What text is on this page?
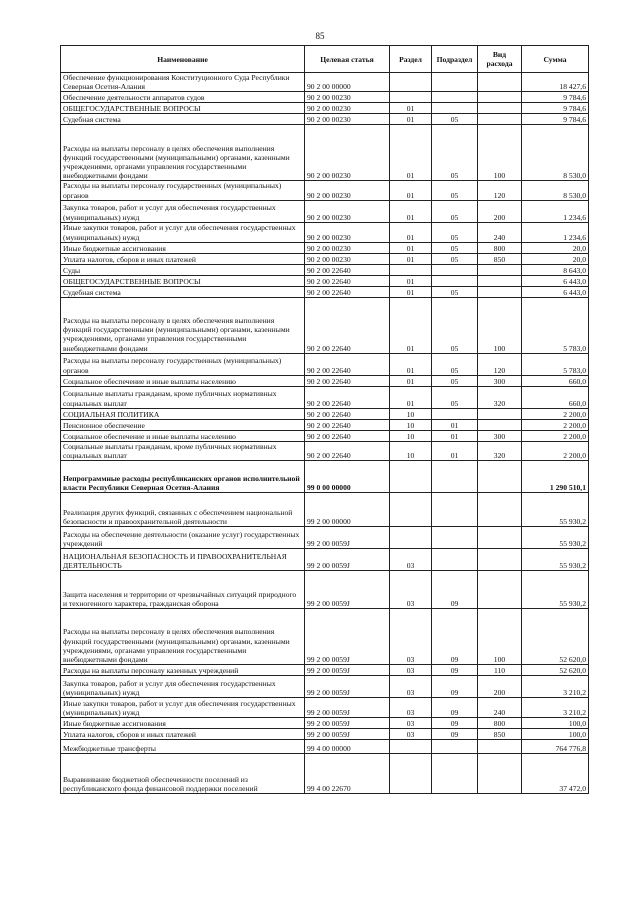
85
Наименование	Целевая статья	Раздел	Подраздел	Вид расхода	Сумма
Обеспечение функционирования Конституционного Суда Республики Северная Осетия-Алания	90 2 00 00000				18 427,6
Обеспечение деятельности аппаратов судов	90 2 00 00230				9 784,6
ОБЩЕГОСУДАРСТВЕННЫЕ ВОПРОСЫ	90 2 00 00230	01			9 784,6
Судебная система	90 2 00 00230	01	05		9 784,6
Расходы на выплаты персоналу в целях обеспечения выполнения функций государственными (муниципальными) органами, казенными учреждениями, органами управления государственными внебюджетными фондами	90 2 00 00230	01	05	100	8 530,0
Расходы на выплаты персоналу государственных (муниципальных) органов	90 2 00 00230	01	05	120	8 530,0
Закупка товаров, работ и услуг для обеспечения государственных (муниципальных) нужд	90 2 00 00230	01	05	200	1 234,6
Иные закупки товаров, работ и услуг для обеспечения государственных (муниципальных) нужд	90 2 00 00230	01	05	240	1 234,6
Иные бюджетные ассигнования	90 2 00 00230	01	05	800	20,0
Уплата налогов, сборов и иных платежей	90 2 00 00230	01	05	850	20,0
Суды	90 2 00 22640				8 643,0
ОБЩЕГОСУДАРСТВЕННЫЕ ВОПРОСЫ	90 2 00 22640	01			6 443,0
Судебная система	90 2 00 22640	01	05		6 443,0
Расходы на выплаты персоналу в целях обеспечения выполнения функций государственными (муниципальными) органами, казенными учреждениями, органами управления государственными внебюджетными фондами	90 2 00 22640	01	05	100	5 783,0
Расходы на выплаты персоналу государственных (муниципальных) органов	90 2 00 22640	01	05	120	5 783,0
Социальное обеспечение и иные выплаты населению	90 2 00 22640	01	05	300	660,0
Социальные выплаты гражданам, кроме публичных нормативных социальных выплат	90 2 00 22640	01	05	320	660,0
СОЦИАЛЬНАЯ ПОЛИТИКА	90 2 00 22640	10			2 200,0
Пенсионное обеспечение	90 2 00 22640	10	01		2 200,0
Социальное обеспечение и иные выплаты населению	90 2 00 22640	10	01	300	2 200,0
Социальные выплаты гражданам, кроме публичных нормативных социальных выплат	90 2 00 22640	10	01	320	2 200,0
Непрограммные расходы республиканских органов исполнительной власти Республики Северная Осетия-Алания	99 0 00 00000				1 290 510,1
Реализация других функций, связанных с обеспечением национальной безопасности и правоохранительной деятельности	99 2 00 00000				55 930,2
Расходы на обеспечение деятельности (оказание услуг) государственных учреждений	99 2 00 0059J				55 930,2
НАЦИОНАЛЬНАЯ БЕЗОПАСНОСТЬ И ПРАВООХРАНИТЕЛЬНАЯ ДЕЯТЕЛЬНОСТЬ	99 2 00 0059J	03			55 930,2
Защита населения и территории от чрезвычайных ситуаций природного и техногенного характера, гражданская оборона	99 2 00 0059J	03	09		55 930,2
Расходы на выплаты персоналу в целях обеспечения выполнения функций государственными (муниципальными) органами, казенными учреждениями, органами управления государственными внебюджетными фондами	99 2 00 0059J	03	09	100	52 620,0
Расходы на выплаты персоналу казенных учреждений	99 2 00 0059J	03	09	110	52 620,0
Закупка товаров, работ и услуг для обеспечения государственных (муниципальных) нужд	99 2 00 0059J	03	09	200	3 210,2
Иные закупки товаров, работ и услуг для обеспечения государственных (муниципальных) нужд	99 2 00 0059J	03	09	240	3 210,2
Иные бюджетные ассигнования	99 2 00 0059J	03	09	800	100,0
Уплата налогов, сборов и иных платежей	99 2 00 0059J	03	09	850	100,0
Межбюджетные трансферты	99 4 00 00000				764 776,8
Выравнивание бюджетной обеспеченности поселений из республиканского фонда финансовой поддержки поселений	99 4 00 22670				37 472,0
